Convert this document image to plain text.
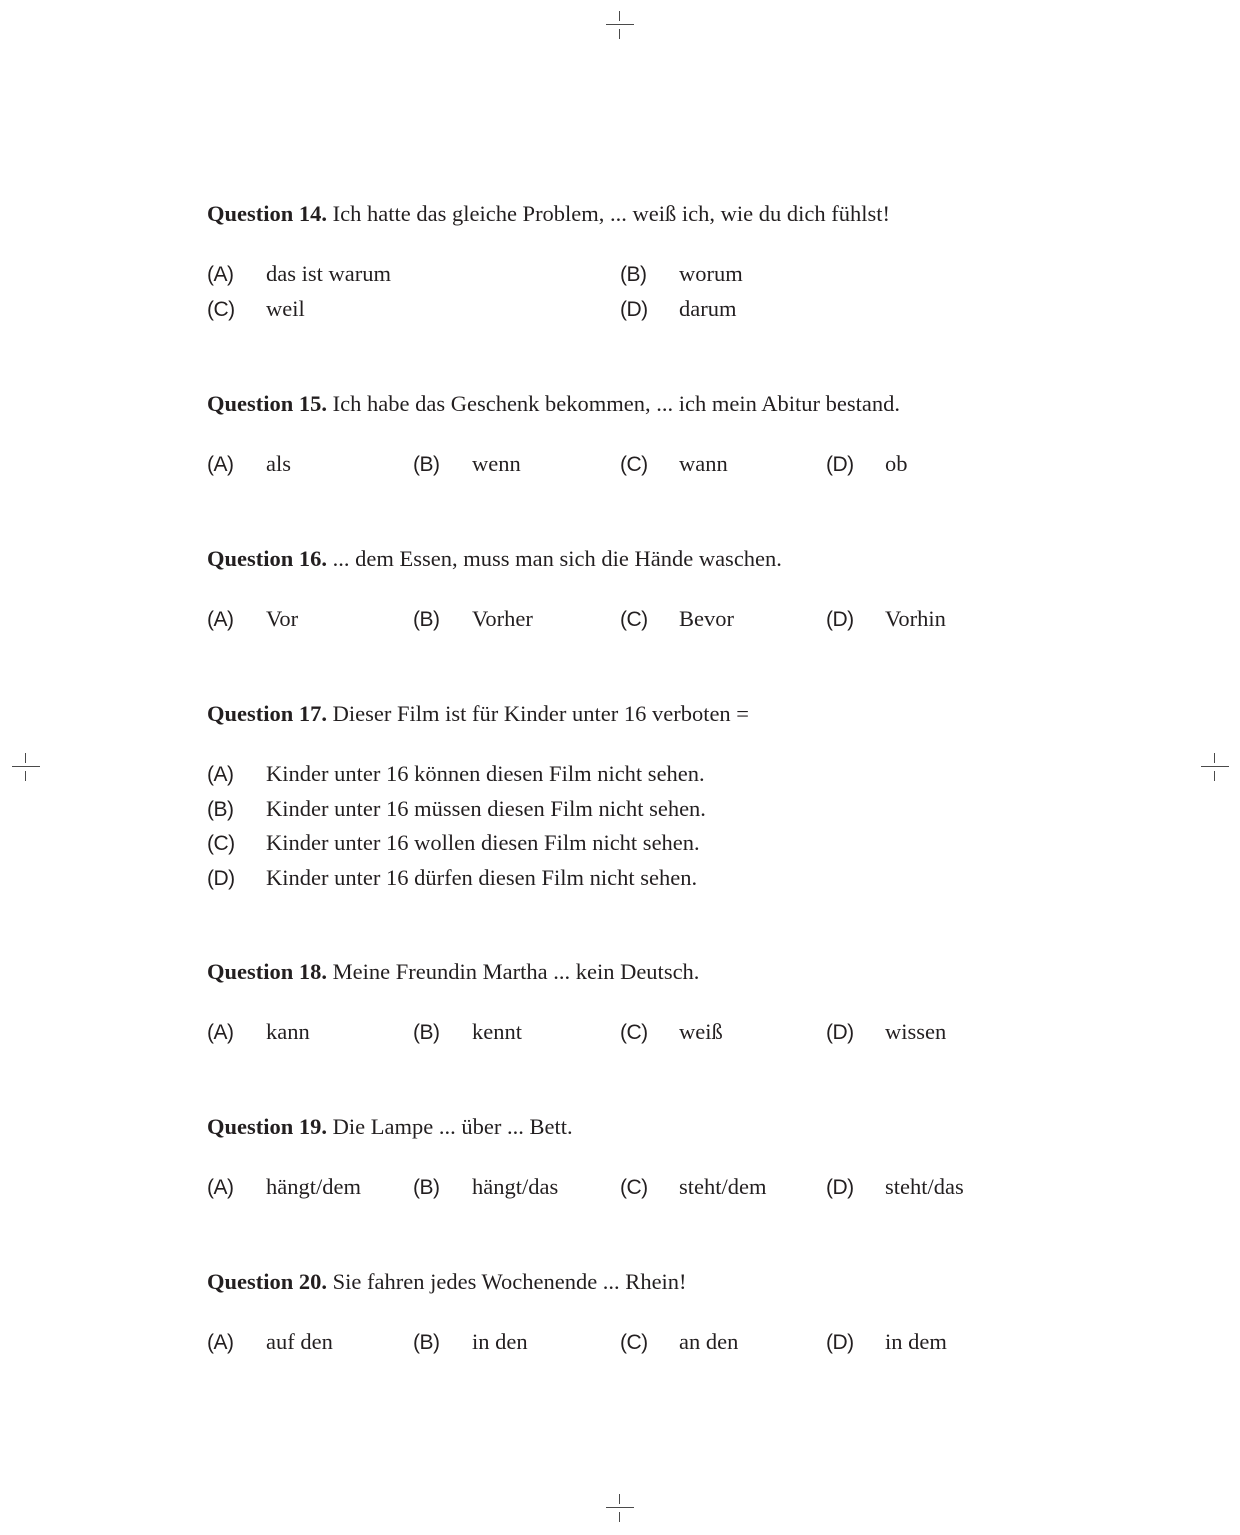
Question 14. Ich hatte das gleiche Problem, ... weiß ich, wie du dich fühlst!
(A) das ist warum	(B) worum
(C) weil	(D) darum
Question 15. Ich habe das Geschenk bekommen, ... ich mein Abitur bestand.
(A) als	(B) wenn	(C) wann	(D) ob
Question 16. ... dem Essen, muss man sich die Hände waschen.
(A) Vor	(B) Vorher	(C) Bevor	(D) Vorhin
Question 17. Dieser Film ist für Kinder unter 16 verboten =
(A) Kinder unter 16 können diesen Film nicht sehen.
(B) Kinder unter 16 müssen diesen Film nicht sehen.
(C) Kinder unter 16 wollen diesen Film nicht sehen.
(D) Kinder unter 16 dürfen diesen Film nicht sehen.
Question 18. Meine Freundin Martha ... kein Deutsch.
(A) kann	(B) kennt	(C) weiß	(D) wissen
Question 19. Die Lampe ... über ... Bett.
(A) hängt/dem (B) hängt/das	(C) steht/dem	(D) steht/das
Question 20. Sie fahren jedes Wochenende ... Rhein!
(A) auf den	(B) in den	(C) an den	(D) in dem
